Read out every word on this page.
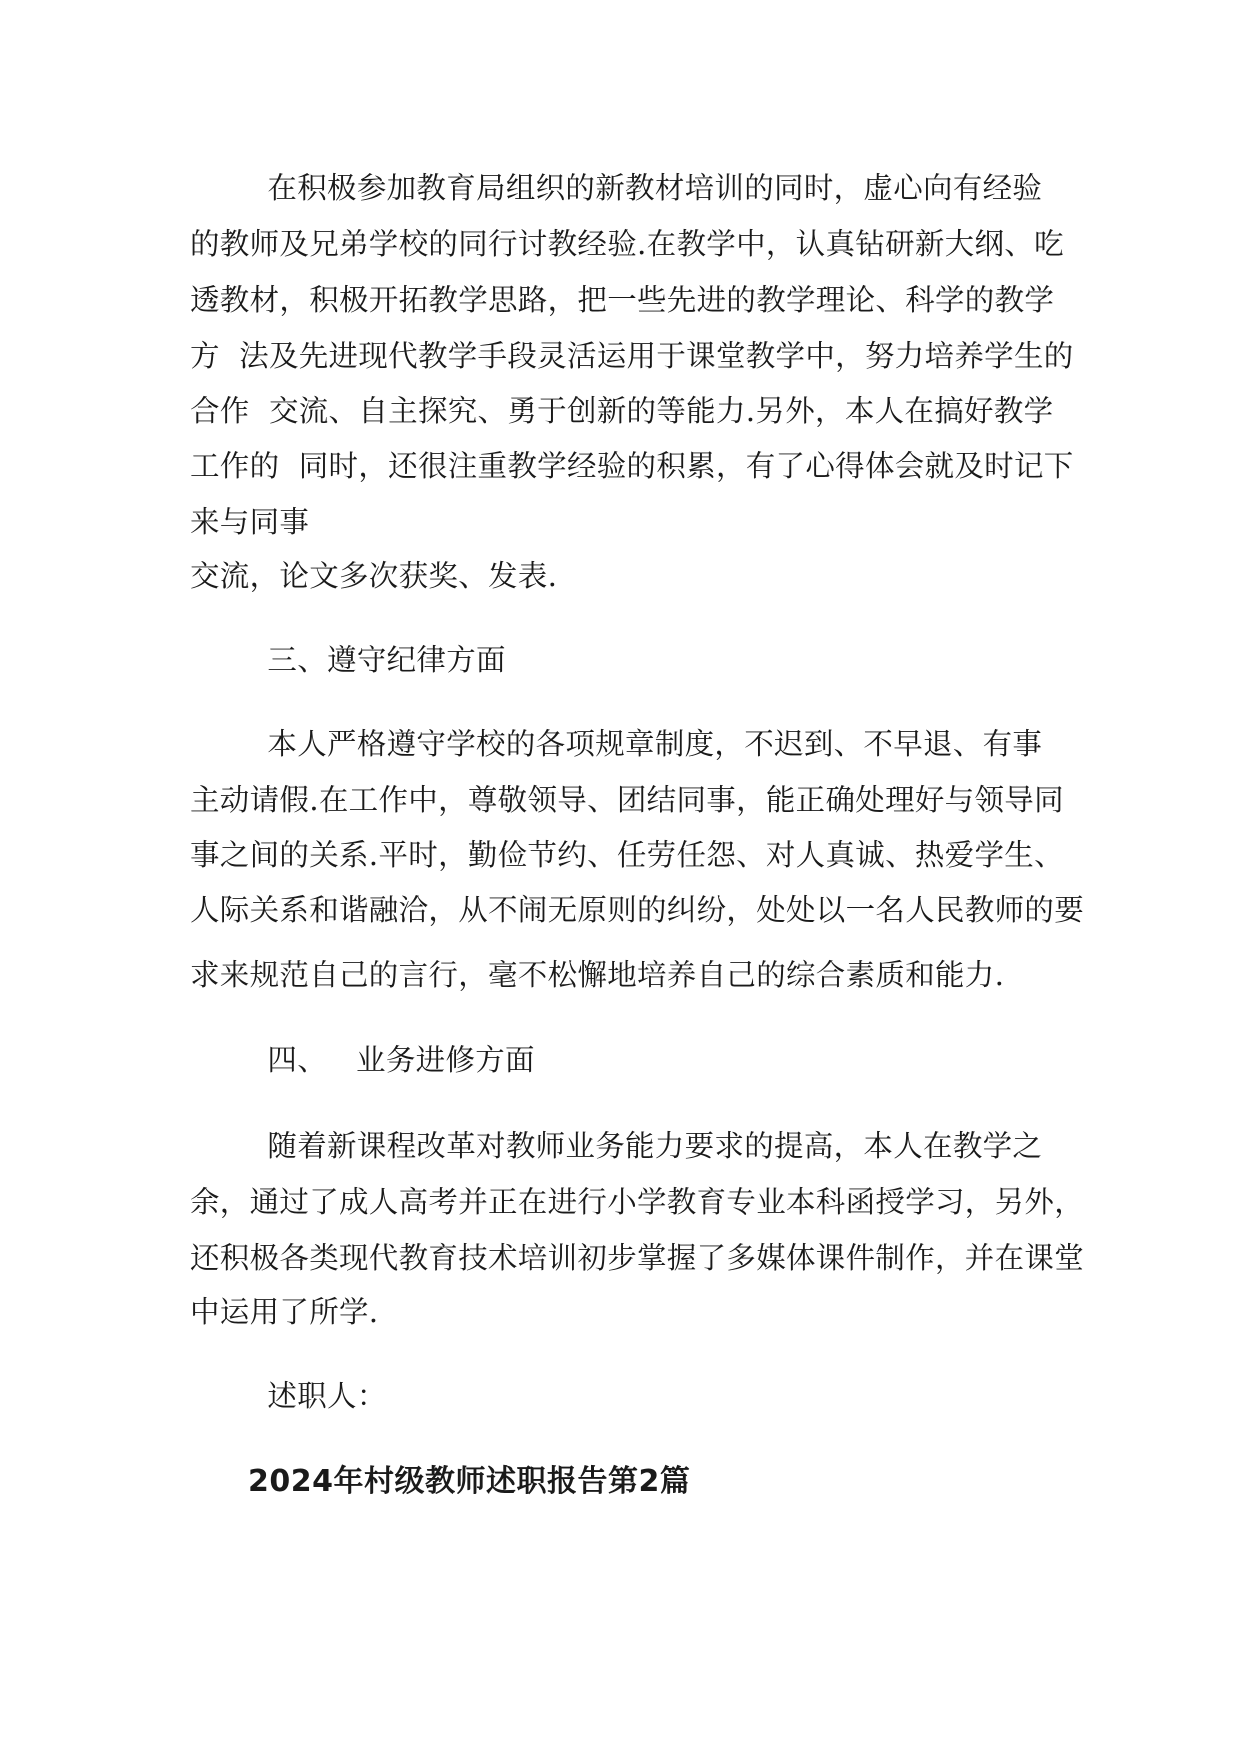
在积极参加教育局组织的新教材培训的同时，虚心向有经验

的教师及兄弟学校的同行讨教经验.在教学中，认真钻研新大纲、吃

透教材，积极开拓教学思路，把一些先进的教学理论、科学的教学

方  法及先进现代教学手段灵活运用于课堂教学中，努力培养学生的

合作  交流、自主探究、勇于创新的等能力.另外，本人在搞好教学

工作的  同时，还很注重教学经验的积累，有了心得体会就及时记下

来与同事

交流，论文多次获奖、发表.

三、遵守纪律方面

本人严格遵守学校的各项规章制度，不迟到、不早退、有事

主动请假.在工作中，尊敬领导、团结同事，能正确处理好与领导同

事之间的关系.平时，勤俭节约、任劳任怨、对人真诚、热爱学生、

人际关系和谐融洽，从不闹无原则的纠纷，处处以一名人民教师的要

求来规范自己的言行，毫不松懈地培养自己的综合素质和能力.

四、   业务进修方面

随着新课程改革对教师业务能力要求的提高，本人在教学之

余，通过了成人高考并正在进行小学教育专业本科函授学习，另外，

还积极各类现代教育技术培训初步掌握了多媒体课件制作，并在课堂

中运用了所学.

述职人：

2024年村级教师述职报告第2篇
